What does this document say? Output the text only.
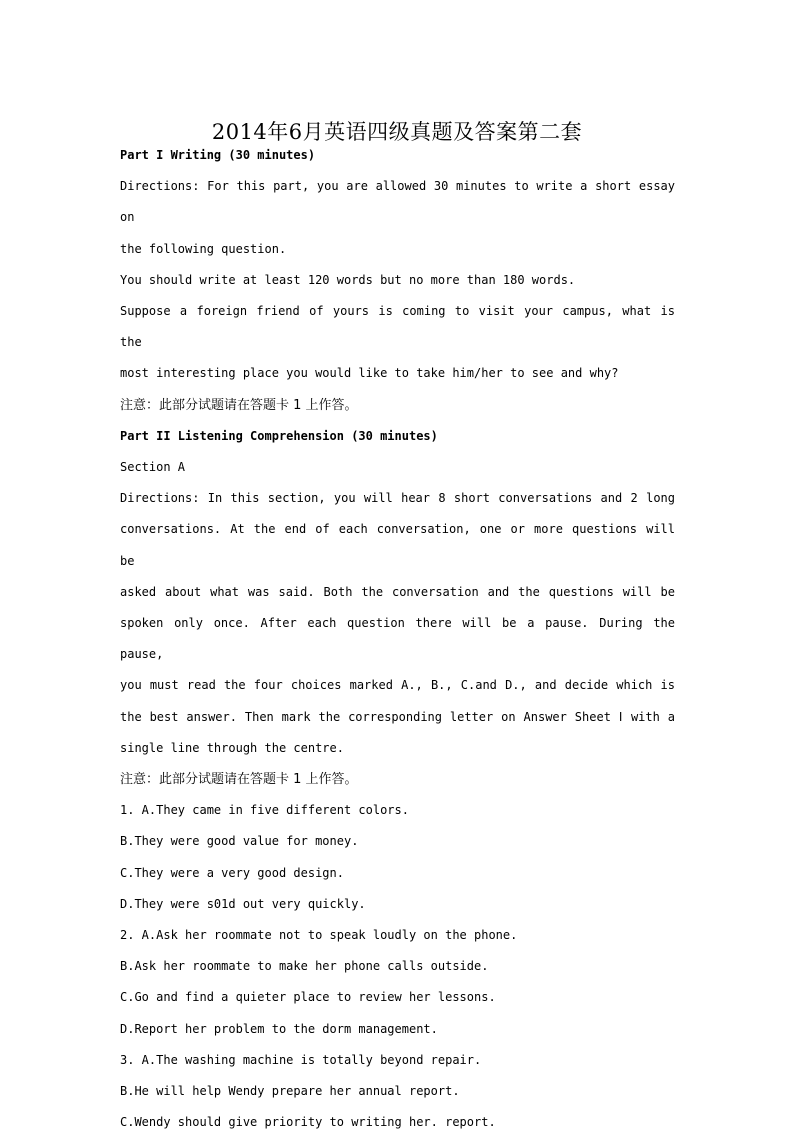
2014年6月英语四级真题及答案第二套

Part I Writing (30 minutes)

Directions: For this part, you are allowed 30 minutes to write a short essay on

the following question.

You should write at least 120 words but no more than 180 words.

Suppose a foreign friend of yours is coming to visit your campus, what is the

most interesting place you would like to take him/her to see and why?

注意：此部分试题请在答题卡 1 上作答。

Part II Listening Comprehension (30 minutes)

Section A

Directions: In this section, you will hear 8 short conversations and 2 long

conversations. At the end of each conversation, one or more questions will be

asked about what was said. Both the conversation and the questions will be

spoken only once. After each question there will be a pause. During the pause,

you must read the four choices marked A., B., C.and D., and decide which is

the best answer. Then mark the corresponding letter on Answer Sheet Ⅰ with a

single line through the centre.

注意：此部分试题请在答题卡 1 上作答。

1. A.They came in five different colors.

B.They were good value for money.

C.They were a very good design.

D.They were s01d out very quickly.

2. A.Ask her roommate not to speak loudly on the phone.

B.Ask her roommate to make her phone calls outside.

C.Go and find a quieter place to review her lessons.

D.Report her problem to the dorm management.

3. A.The washing machine is totally beyond repair.

B.He will help Wendy prepare her annual report.

C.Wendy should give priority to writing her. report.
